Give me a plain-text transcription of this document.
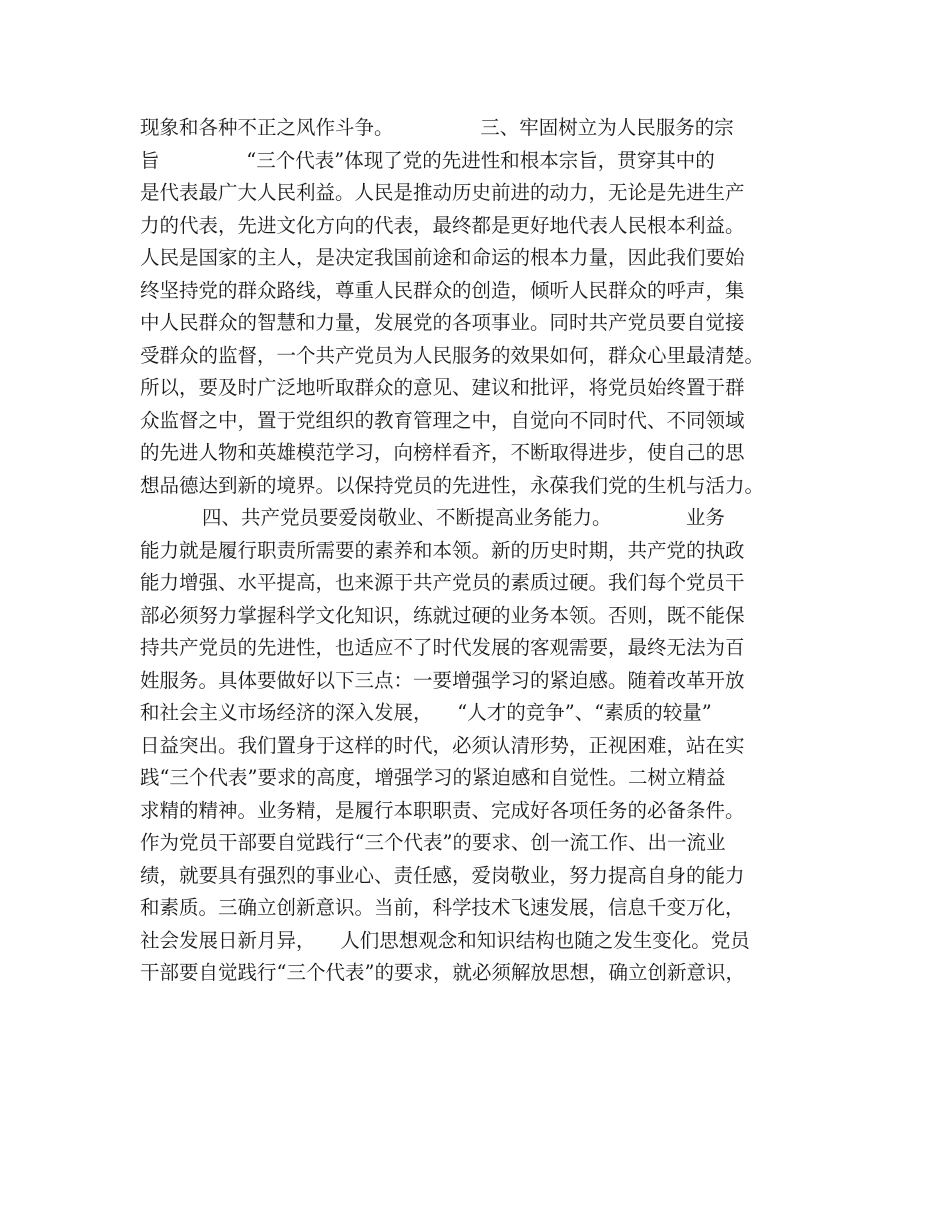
现象和各种不正之风作斗争。              三、牢固树立为人民服务的宗
旨              “三个代表”体现了党的先进性和根本宗旨，贯穿其中的
是代表最广大人民利益。人民是推动历史前进的动力，无论是先进生产
力的代表，先进文化方向的代表，最终都是更好地代表人民根本利益。
人民是国家的主人，是决定我国前途和命运的根本力量，因此我们要始
终坚持党的群众路线，尊重人民群众的创造，倾听人民群众的呼声，集
中人民群众的智慧和力量，发展党的各项事业。同时共产党员要自觉接
受群众的监督，一个共产党员为人民服务的效果如何，群众心里最清楚。
所以，要及时广泛地听取群众的意见、建议和批评，将党员始终置于群
众监督之中，置于党组织的教育管理之中，自觉向不同时代、不同领域
的先进人物和英雄模范学习，向榜样看齐，不断取得进步，使自己的思
想品德达到新的境界。以保持党员的先进性，永葆我们党的生机与活力。
四、共产党员要爱岗敬业、不断提高业务能力。            业务
能力就是履行职责所需要的素养和本领。新的历史时期，共产党的执政
能力增强、水平提高，也来源于共产党员的素质过硬。我们每个党员干
部必须努力掌握科学文化知识，练就过硬的业务本领。否则，既不能保
持共产党员的先进性，也适应不了时代发展的客观需要，最终无法为百
姓服务。具体要做好以下三点：一要增强学习的紧迫感。随着改革开放
和社会主义市场经济的深入发展，    “人才的竞争”、“素质的较量”
日益突出。我们置身于这样的时代，必须认清形势，正视困难，站在实
践“三个代表”要求的高度，增强学习的紧迫感和自觉性。二树立精益
求精的精神。业务精，是履行本职职责、完成好各项任务的必备条件。
作为党员干部要自觉践行“三个代表”的要求、创一流工作、出一流业
绩，就要具有强烈的事业心、责任感，爱岗敬业，努力提高自身的能力
和素质。三确立创新意识。当前，科学技术飞速发展，信息千变万化，
社会发展日新月异，    人们思想观念和知识结构也随之发生变化。党员
干部要自觉践行“三个代表”的要求，就必须解放思想，确立创新意识，
